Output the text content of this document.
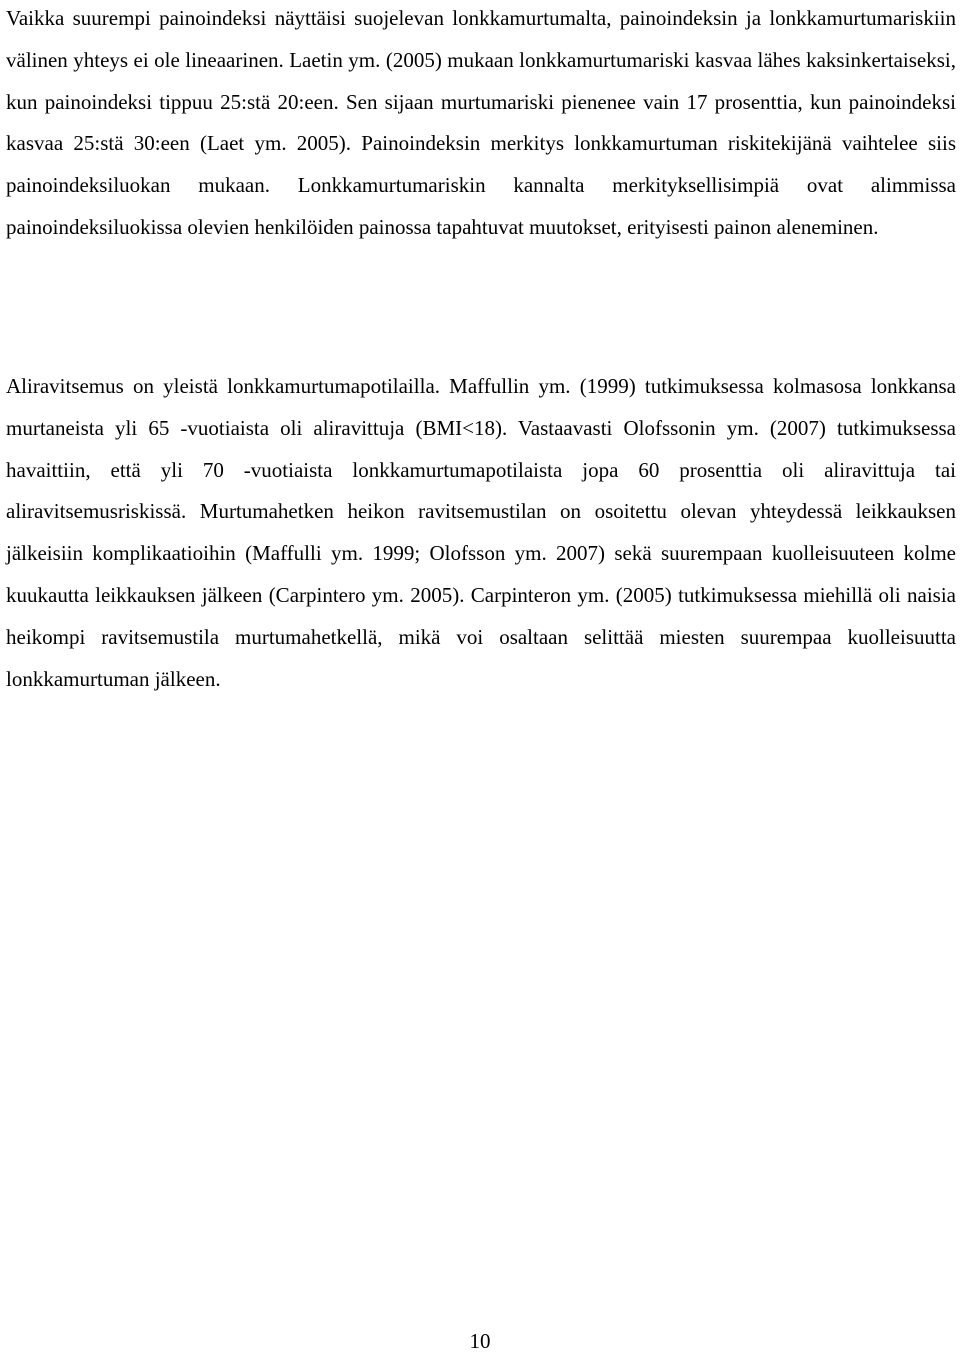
Vaikka suurempi painoindeksi näyttäisi suojelevan lonkkamurtumalta, painoindeksin ja lonkkamurtumariskiin välinen yhteys ei ole lineaarinen. Laetin ym. (2005) mukaan lonkkamurtumariski kasvaa lähes kaksinkertaiseksi, kun painoindeksi tippuu 25:stä 20:een. Sen sijaan murtumariski pienenee vain 17 prosenttia, kun painoindeksi kasvaa 25:stä 30:een (Laet ym. 2005). Painoindeksin merkitys lonkkamurtuman riskitekijänä vaihtelee siis painoindeksiluokan mukaan. Lonkkamurtumariskin kannalta merkityksellisimpiä ovat alimmissa painoindeksiluokissa olevien henkilöiden painossa tapahtuvat muutokset, erityisesti painon aleneminen.

Aliravitsemus on yleistä lonkkamurtumapotilailla. Maffullin ym. (1999) tutkimuksessa kolmasosa lonkkansa murtaneista yli 65 -vuotiaista oli aliravittuja (BMI<18). Vastaavasti Olofssonin ym. (2007) tutkimuksessa havaittiin, että yli 70 -vuotiaista lonkkamurtumapotilaista jopa 60 prosenttia oli aliravittuja tai aliravitsemusriskissä. Murtumahetken heikon ravitsemustilan on osoitettu olevan yhteydessä leikkauksen jälkeisiin komplikaatioihin (Maffulli ym. 1999; Olofsson ym. 2007) sekä suurempaan kuolleisuuteen kolme kuukautta leikkauksen jälkeen (Carpintero ym. 2005). Carpinteron ym. (2005) tutkimuksessa miehillä oli naisia heikompi ravitsemustila murtumahetkellä, mikä voi osaltaan selittää miesten suurempaa kuolleisuutta lonkkamurtuman jälkeen.

10
